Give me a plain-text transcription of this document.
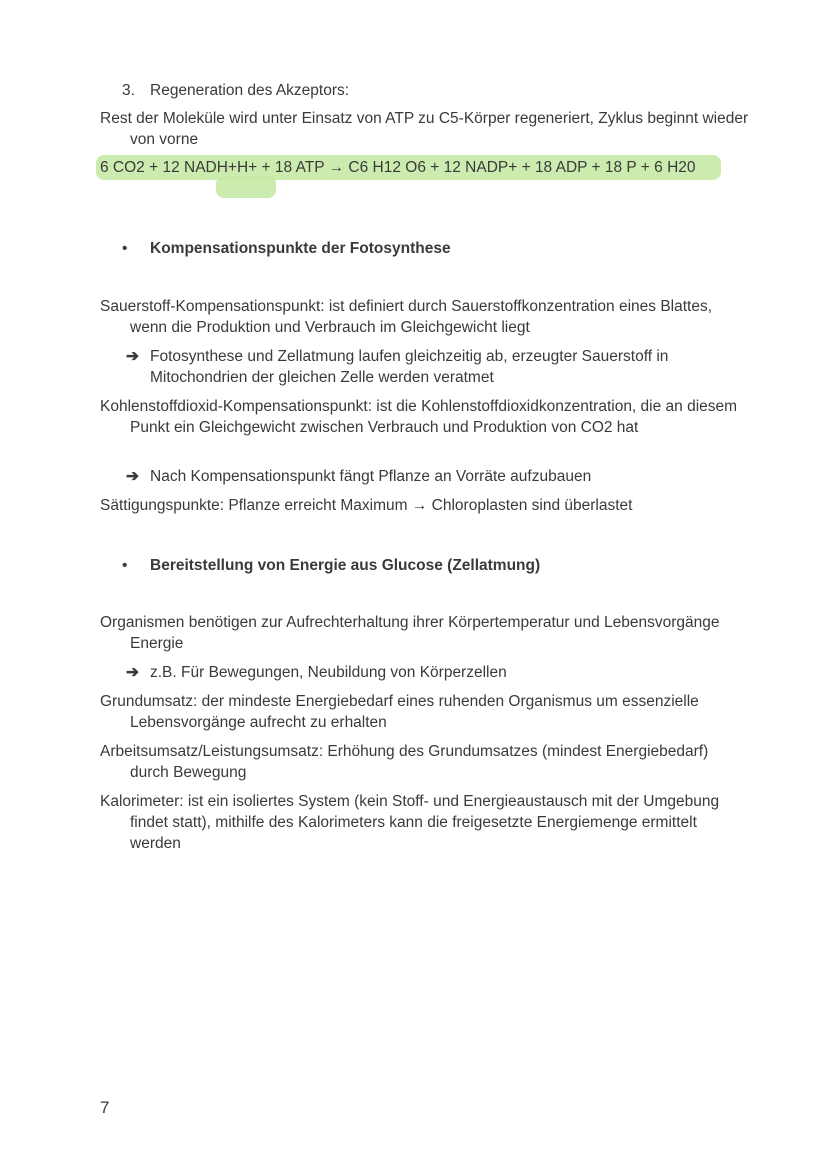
3. Regeneration des Akzeptors:
Rest der Moleküle wird unter Einsatz von ATP zu C5-Körper regeneriert, Zyklus beginnt wieder von vorne
6 CO2 + 12 NADH+H+ + 18 ATP → C6 H12 O6 + 12 NADP+ + 18 ADP + 18 P + 6 H20
• Kompensationspunkte der Fotosynthese
Sauerstoff-Kompensationspunkt: ist definiert durch Sauerstoffkonzentration eines Blattes, wenn die Produktion und Verbrauch im Gleichgewicht liegt
➔ Fotosynthese und Zellatmung laufen gleichzeitig ab, erzeugter Sauerstoff in Mitochondrien der gleichen Zelle werden veratmet
Kohlenstoffdioxid-Kompensationspunkt: ist die Kohlenstoffdioxidkonzentration, die an diesem Punkt ein Gleichgewicht zwischen Verbrauch und Produktion von CO2 hat
➔ Nach Kompensationspunkt fängt Pflanze an Vorräte aufzubauen
Sättigungspunkte: Pflanze erreicht Maximum → Chloroplasten sind überlastet
• Bereitstellung von Energie aus Glucose (Zellatmung)
Organismen benötigen zur Aufrechterhaltung ihrer Körpertemperatur und Lebensvorgänge Energie
➔ z.B. Für Bewegungen, Neubildung von Körperzellen
Grundumsatz: der mindeste Energiebedarf eines ruhenden Organismus um essenzielle Lebensvorgänge aufrecht zu erhalten
Arbeitsumsatz/Leistungsumsatz: Erhöhung des Grundumsatzes (mindest Energiebedarf) durch Bewegung
Kalorimeter: ist ein isoliertes System (kein Stoff- und Energieaustausch mit der Umgebung findet statt), mithilfe des Kalorimeters kann die freigesetzte Energiemenge ermittelt werden
7
